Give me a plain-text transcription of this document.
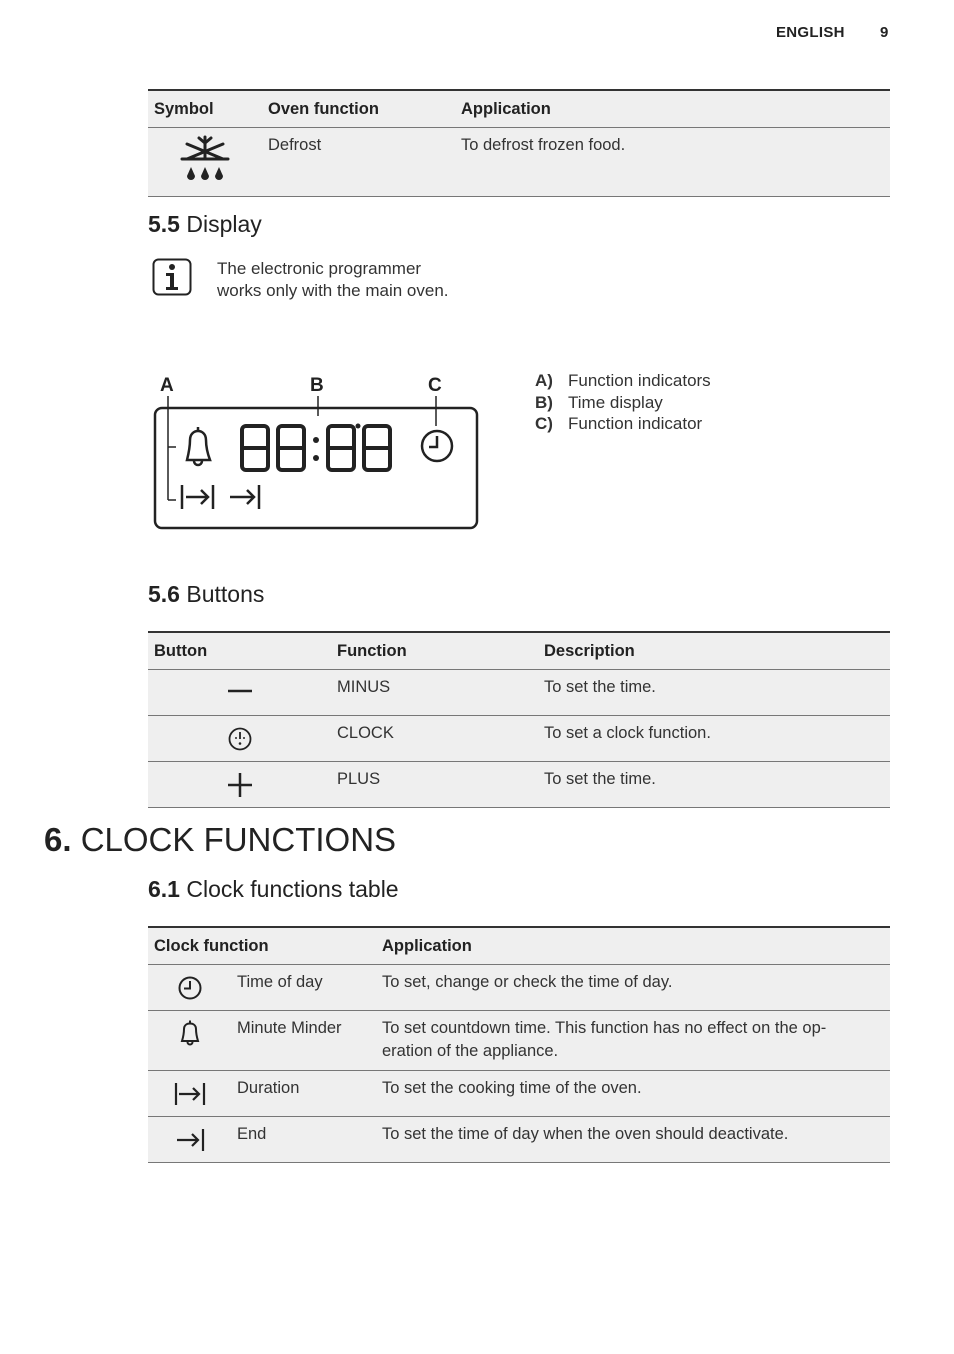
ENGLISH 9
Symbol	Oven function	Application
	Defrost	To defrost frozen food.
5.5 Display
The electronic programmer works only with the main oven.
A	B	C	A) Function indicators
B) Time display
C) Function indicator
5.6 Buttons
Button	Function	Description
	MINUS	To set the time.
	CLOCK	To set a clock function.
	PLUS	To set the time.
6. CLOCK FUNCTIONS
6.1 Clock functions table
Clock function		Application
	Time of day	To set, change or check the time of day.
	Minute Minder	To set countdown time. This function has no effect on the op-
eration of the appliance.
	Duration	To set the cooking time of the oven.
	End	To set the time of day when the oven should deactivate.
